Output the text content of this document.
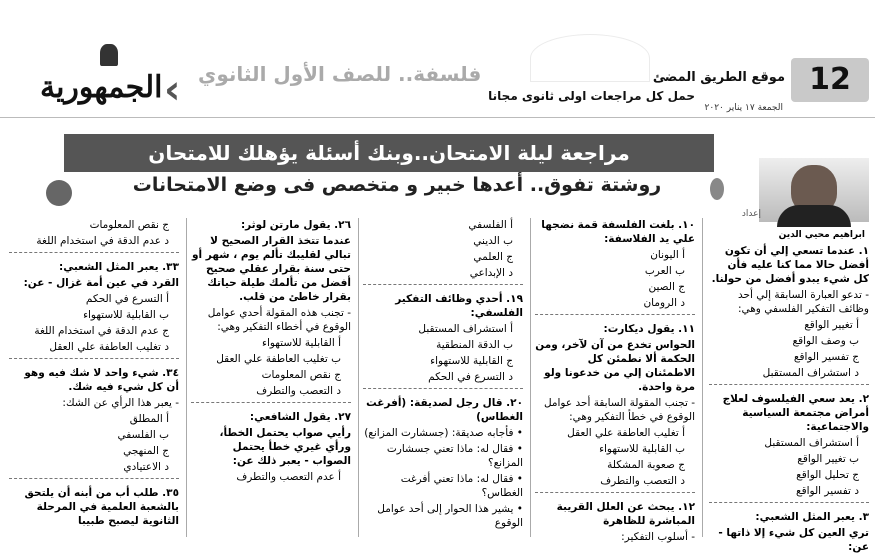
12
موقع الطريق المضئ
حمل كل مراجعات اولى ثانوى مجانا
الجمعة ١٧ يناير ٢٠٢٠
فلسفة.. للصف الأول الثانوي
‹
الجمهورية
مراجعة ليلة الامتحان..وبنك أسئلة يؤهلك للامتحان
روشتة تفوق.. أعدها خبير و متخصص فى وضع الامتحانات
إعداد
ابراهيم محيي الدين

١. عندما تسعي إلي أن تكون أفضل حالا مما كنا عليه فأن كل شيء يبدو أفضل من حولنا.

- تدعو العبارة السابقة إلي أحد وظائف التفكير الفلسفي وهي:

أ تغيير الواقع

ب وصف الواقع

ج تفسير الواقع

د استشراف المستقبل

٢. يعد سعي الفيلسوف لعلاج أمراض مجتمعة السياسية والاجتماعية:

أ استشراف المستقبل

ب تغيير الواقع

ج تحليل الواقع

د تفسير الواقع

٣. يعبر المثل الشعبي:

تري العين كل شيء إلا ذاتها - عن:

١٠. بلغت الفلسفة قمة نضجها علي يد الفلاسفة:

أ اليونان

ب العرب

ج الصين

د الرومان

١١. يقول ديكارت:

الحواس تخدع من آن لآخر، ومن الحكمة ألا نطمئن كل الاطمئنان إلي من خدعونا ولو مرة واحدة.

- تجنب المقولة السابقة أحد عوامل الوقوع في خطأ التفكير وهي:

أ تغليب العاطفة علي العقل

ب القابلية للاستهواء

ج صعوبة المشكلة

د التعصب والتطرف

١٢. يبحث عن العلل القريبة المباشرة للظاهرة

- أسلوب التفكير:

أ الفلسفي

ب الديني

ج العلمي

د الإبداعي

١٩. أحدي وظائف التفكير الفلسفي:

أ استشراف المستقبل

ب الدقة المنطقية

ج القابلية للاستهواء

د التسرع في الحكم

٢٠. قال رجل لصديقة: (أفرغت الغطاس)

• فأجابه صديقة: (جسشارت المزانع)

• فقال له: ماذا تعني جسشارت المزانع؟

• فقال له: ماذا تعني أفرغت الغطاس؟

• يشير هذا الحوار إلى أحد عوامل الوقوع

٢٦. يقول مارتن لوثر:

عندما تتخذ القرار الصحيح لا تبالي لقليبك تألم يوم ، شهر أو حتى سنة بقرار عقلي صحيح أفضل من تألمك طيلة حياتك بقرار خاطئ من قلب.

- تجنب هذه المقولة أحدي عوامل الوقوع في أخطاء التفكير وهي:

أ القابلية للاستهواء

ب تغليب العاطفة علي العقل

ج نقص المعلومات

د التعصب والتطرف

٢٧. يقول الشافعي:

رأيي صواب يحتمل الخطأ، ورأي غيري خطأ يحتمل الصواب - يعبر ذلك عن:

أ عدم التعصب والتطرف

ج نقص المعلومات

د عدم الدقة في استخدام اللغة

٣٣. يعبر المثل الشعبي:

القرد في عين أمة غزال - عن:

أ التسرع في الحكم

ب القابلية للاستهواء

ج عدم الدقة في استخدام اللغة

د تغليب العاطفة علي العقل

٣٤. شيء واحد لا شك فيه وهو أن كل شيء فيه شك.

- يعبر هذا الرأي عن الشك:

أ المطلق

ب الفلسفي

ج المنهجي

د الاعتيادي

٣٥. طلب أب من أبنه أن يلتحق بالشعبة العلمية في المرحلة الثانوية ليصبح طبيبا
